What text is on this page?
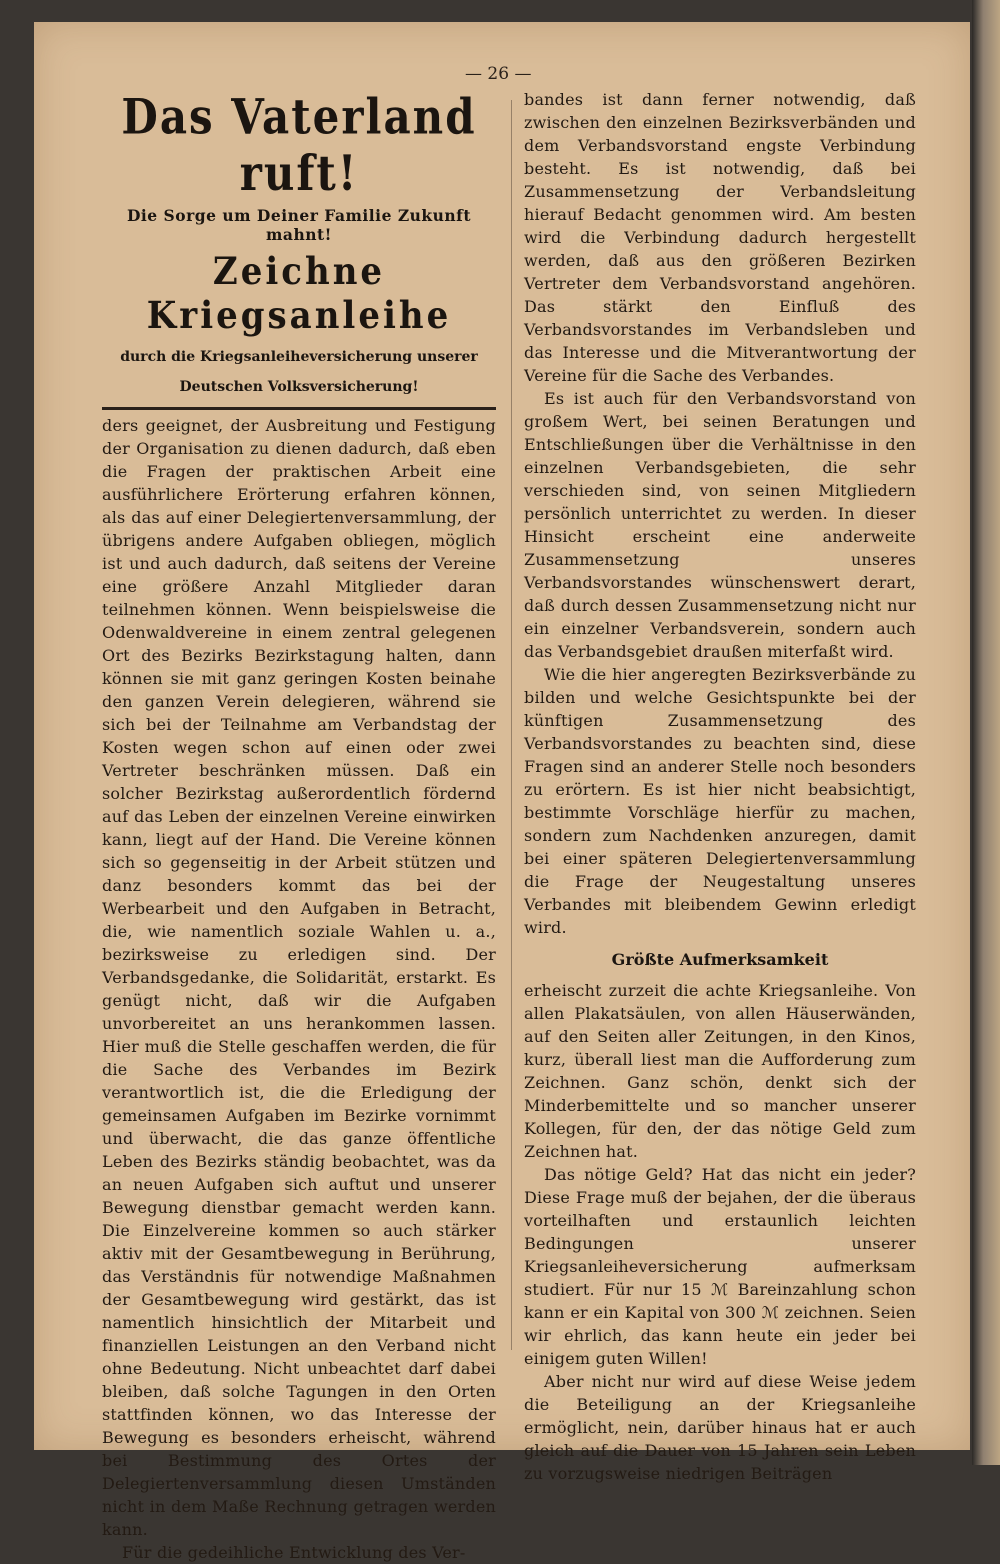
— 26 —
Das Vaterland ruft!
Die Sorge um Deiner Familie Zukunft mahnt!
Zeichne Kriegsanleihe
durch die Kriegsanleiheversicherung unserer
Deutschen Volksversicherung!

ders geeignet, der Ausbreitung und Festigung der Organisation zu dienen dadurch, daß eben die Fragen der praktischen Arbeit eine ausführlichere Erörterung erfahren können, als das auf einer Delegiertenversammlung, der übrigens andere Aufgaben obliegen, möglich ist und auch dadurch, daß seitens der Vereine eine größere Anzahl Mitglieder daran teilnehmen können. Wenn beispielsweise die Odenwaldvereine in einem zentral gelegenen Ort des Bezirks Bezirkstagung halten, dann können sie mit ganz geringen Kosten beinahe den ganzen Verein delegieren, während sie sich bei der Teilnahme am Verbandstag der Kosten wegen schon auf einen oder zwei Vertreter beschränken müssen. Daß ein solcher Bezirkstag außerordentlich fördernd auf das Leben der einzelnen Vereine einwirken kann, liegt auf der Hand. Die Vereine können sich so gegenseitig in der Arbeit stützen und danz besonders kommt das bei der Werbearbeit und den Aufgaben in Betracht, die, wie namentlich soziale Wahlen u. a., bezirksweise zu erledigen sind. Der Verbandsgedanke, die Solidarität, erstarkt. Es genügt nicht, daß wir die Aufgaben unvorbereitet an uns herankommen lassen. Hier muß die Stelle geschaffen werden, die für die Sache des Verbandes im Bezirk verantwortlich ist, die die Erledigung der gemeinsamen Aufgaben im Bezirke vornimmt und überwacht, die das ganze öffentliche Leben des Bezirks ständig beobachtet, was da an neuen Aufgaben sich auftut und unserer Bewegung dienstbar gemacht werden kann. Die Einzelvereine kommen so auch stärker aktiv mit der Gesamtbewegung in Berührung, das Verständnis für notwendige Maßnahmen der Gesamtbewegung wird gestärkt, das ist namentlich hinsichtlich der Mitarbeit und finanziellen Leistungen an den Verband nicht ohne Bedeutung. Nicht unbeachtet darf dabei bleiben, daß solche Tagungen in den Orten stattfinden können, wo das Interesse der Bewegung es besonders erheischt, während bei Bestimmung des Ortes der Delegiertenversammlung diesen Umständen nicht in dem Maße Rechnung getragen werden kann.

Für die gedeihliche Entwicklung des Ver-

bandes ist dann ferner notwendig, daß zwischen den einzelnen Bezirksverbänden und dem Verbandsvorstand engste Verbindung besteht. Es ist notwendig, daß bei Zusammensetzung der Verbandsleitung hierauf Bedacht genommen wird. Am besten wird die Verbindung dadurch hergestellt werden, daß aus den größeren Bezirken Vertreter dem Verbandsvorstand angehören. Das stärkt den Einfluß des Verbandsvorstandes im Verbandsleben und das Interesse und die Mitverantwortung der Vereine für die Sache des Verbandes.

Es ist auch für den Verbandsvorstand von großem Wert, bei seinen Beratungen und Entschließungen über die Verhältnisse in den einzelnen Verbandsgebieten, die sehr verschieden sind, von seinen Mitgliedern persönlich unterrichtet zu werden. In dieser Hinsicht erscheint eine anderweite Zusammensetzung unseres Verbandsvorstandes wünschenswert derart, daß durch dessen Zusammensetzung nicht nur ein einzelner Verbandsverein, sondern auch das Verbandsgebiet draußen miterfaßt wird.

Wie die hier angeregten Bezirksverbände zu bilden und welche Gesichtspunkte bei der künftigen Zusammensetzung des Verbandsvorstandes zu beachten sind, diese Fragen sind an anderer Stelle noch besonders zu erörtern. Es ist hier nicht beabsichtigt, bestimmte Vorschläge hierfür zu machen, sondern zum Nachdenken anzuregen, damit bei einer späteren Delegiertenversammlung die Frage der Neugestaltung unseres Verbandes mit bleibendem Gewinn erledigt wird.

Größte Aufmerksamkeit

erheischt zurzeit die achte Kriegsanleihe. Von allen Plakatsäulen, von allen Häuserwänden, auf den Seiten aller Zeitungen, in den Kinos, kurz, überall liest man die Aufforderung zum Zeichnen. Ganz schön, denkt sich der Minderbemittelte und so mancher unserer Kollegen, für den, der das nötige Geld zum Zeichnen hat.

Das nötige Geld? Hat das nicht ein jeder? Diese Frage muß der bejahen, der die überaus vorteilhaften und erstaunlich leichten Bedingungen unserer Kriegsanleiheversicherung aufmerksam studiert. Für nur 15 ℳ Bareinzahlung schon kann er ein Kapital von 300 ℳ zeichnen. Seien wir ehrlich, das kann heute ein jeder bei einigem guten Willen!

Aber nicht nur wird auf diese Weise jedem die Beteiligung an der Kriegsanleihe ermöglicht, nein, darüber hinaus hat er auch gleich auf die Dauer von 15 Jahren sein Leben zu vorzugsweise niedrigen Beiträgen
